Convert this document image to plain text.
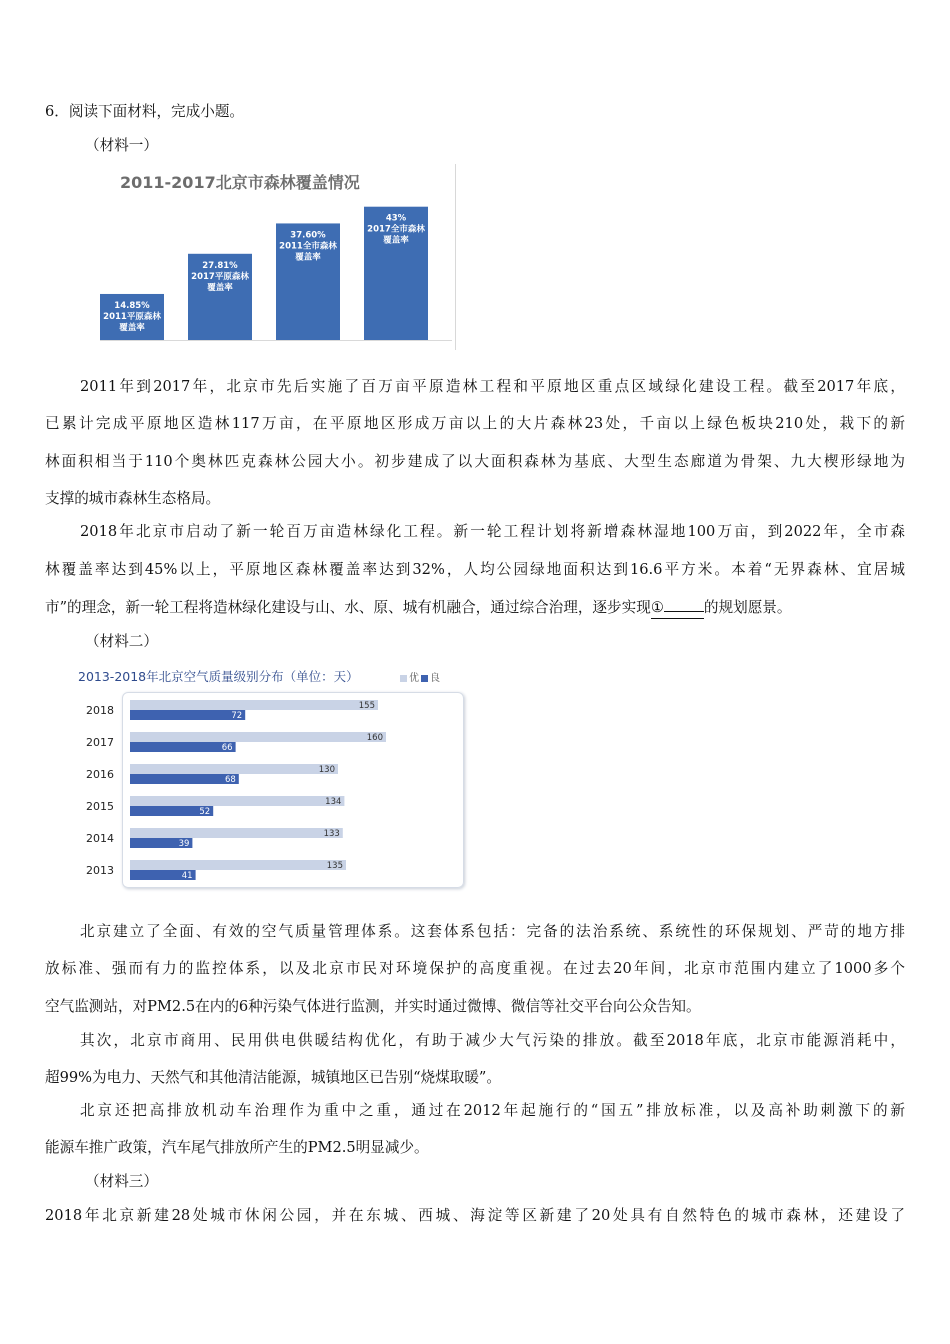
6．阅读下面材料，完成小题。
（材料一）
2011-2017北京市森林覆盖情况
14.85%
2011平原森林
覆盖率
27.81%
2017平原森林
覆盖率
37.60%
2011全市森林
覆盖率
43%
2017全市森林
覆盖率
2011年到2017年，北京市先后实施了百万亩平原造林工程和平原地区重点区域绿化建设工程。截至2017年底，
已累计完成平原地区造林117万亩，在平原地区形成万亩以上的大片森林23处，千亩以上绿色板块210处，栽下的新
林面积相当于110个奥林匹克森林公园大小。初步建成了以大面积森林为基底、大型生态廊道为骨架、九大楔形绿地为
支撑的城市森林生态格局。
2018年北京市启动了新一轮百万亩造林绿化工程。新一轮工程计划将新增森林湿地100万亩，到2022年，全市森
林覆盖率达到45%以上，平原地区森林覆盖率达到32%，人均公园绿地面积达到16.6平方米。本着“无界森林、宜居城
市”的理念，新一轮工程将造林绿化建设与山、水、原、城有机融合，通过综合治理，逐步实现①	的规划愿景。
（材料二）
2013-2018年北京空气质量级别分布（单位：天）	优 良
2018	155
72
2017	160
66
2016	130
68
2015	134
52
2014	133
39
2013	135
41
北京建立了全面、有效的空气质量管理体系。这套体系包括：完备的法治系统、系统性的环保规划、严苛的地方排
放标准、强而有力的监控体系，以及北京市民对环境保护的高度重视。在过去20年间，北京市范围内建立了1000多个
空气监测站，对PM2.5在内的6种污染气体进行监测，并实时通过微博、微信等社交平台向公众告知。
其次，北京市商用、民用供电供暖结构优化，有助于减少大气污染的排放。截至2018年底，北京市能源消耗中，
超99%为电力、天然气和其他清洁能源，城镇地区已告别“烧煤取暖”。
北京还把高排放机动车治理作为重中之重，通过在2012年起施行的“国五”排放标准，以及高补助刺激下的新
能源车推广政策，汽车尾气排放所产生的PM2.5明显减少。
（材料三）
2018年北京新建28处城市休闲公园，并在东城、西城、海淀等区新建了20处具有自然特色的城市森林，还建设了
